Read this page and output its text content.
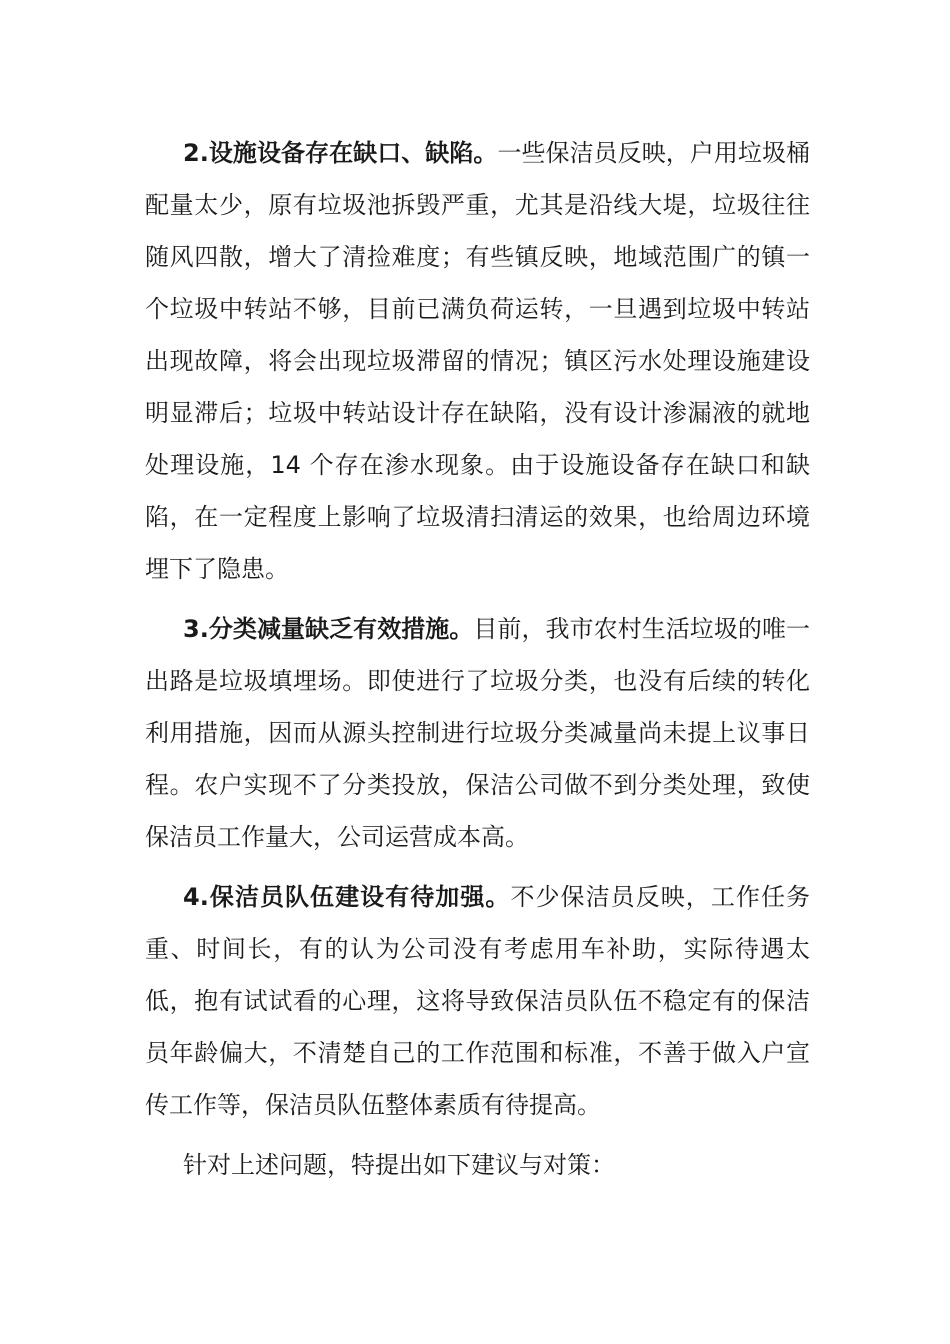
2.设施设备存在缺口、缺陷。一些保洁员反映，户用垃圾桶配量太少，原有垃圾池拆毁严重，尤其是沿线大堤，垃圾往往随风四散，增大了清捡难度；有些镇反映，地域范围广的镇一个垃圾中转站不够，目前已满负荷运转，一旦遇到垃圾中转站出现故障，将会出现垃圾滞留的情况；镇区污水处理设施建设明显滞后；垃圾中转站设计存在缺陷，没有设计渗漏液的就地处理设施，14 个存在渗水现象。由于设施设备存在缺口和缺陷，在一定程度上影响了垃圾清扫清运的效果，也给周边环境埋下了隐患。

3.分类减量缺乏有效措施。目前，我市农村生活垃圾的唯一出路是垃圾填埋场。即使进行了垃圾分类，也没有后续的转化利用措施，因而从源头控制进行垃圾分类减量尚未提上议事日程。农户实现不了分类投放，保洁公司做不到分类处理，致使保洁员工作量大，公司运营成本高。

4.保洁员队伍建设有待加强。不少保洁员反映，工作任务重、时间长，有的认为公司没有考虑用车补助，实际待遇太低，抱有试试看的心理，这将导致保洁员队伍不稳定有的保洁员年龄偏大，不清楚自己的工作范围和标准，不善于做入户宣传工作等，保洁员队伍整体素质有待提高。

针对上述问题，特提出如下建议与对策：
